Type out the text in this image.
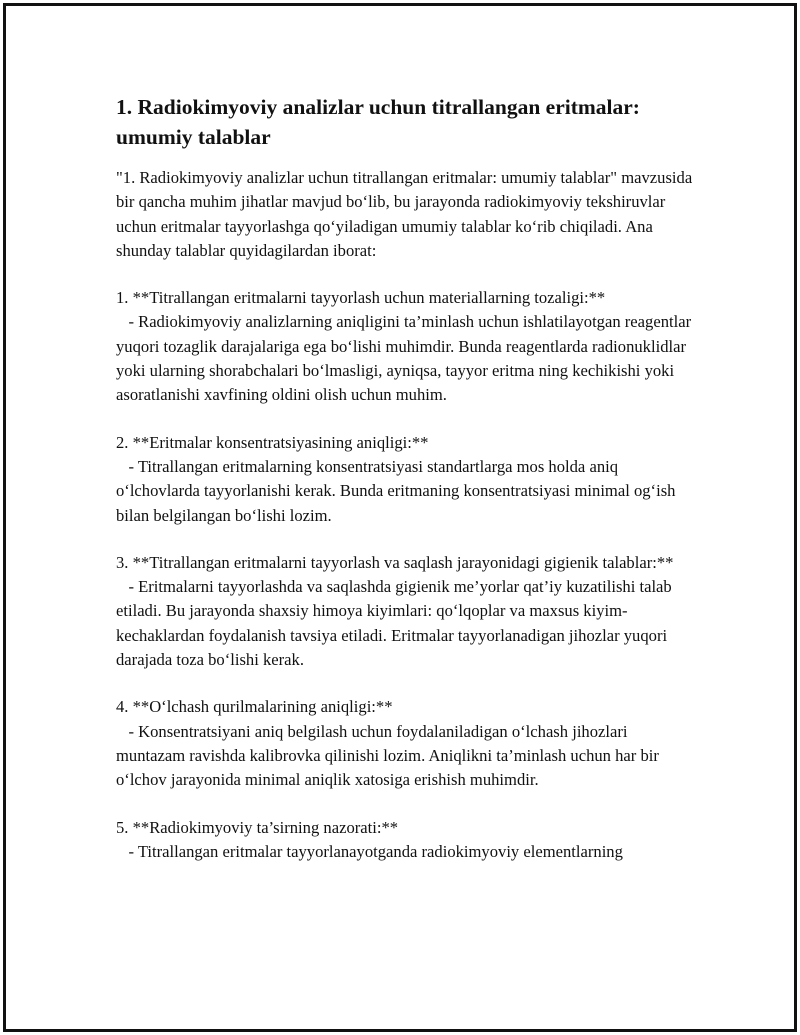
1. Radiokimyoviy analizlar uchun titrallangan eritmalar: umumiy talablar

"1. Radiokimyoviy analizlar uchun titrallangan eritmalar: umumiy talablar" mavzusida bir qancha muhim jihatlar mavjud bo‘lib, bu jarayonda radiokimyoviy tekshiruvlar uchun eritmalar tayyorlashga qo‘yiladigan umumiy talablar ko‘rib chiqiladi. Ana shunday talablar quyidagilardan iborat:

1. **Titrallangan eritmalarni tayyorlash uchun materiallarning tozaligi:**
- Radiokimyoviy analizlarning aniqligini ta’minlash uchun ishlatilayotgan reagentlar yuqori tozaglik darajalariga ega bo‘lishi muhimdir. Bunda reagentlarda radionuklidlar yoki ularning shorabchalari bo‘lmasligi, ayniqsa, tayyor eritma ning kechikishi yoki asoratlanishi xavfining oldini olish uchun muhim.
2. **Eritmalar konsentratsiyasining aniqligi:**
- Titrallangan eritmalarning konsentratsiyasi standartlarga mos holda aniq o‘lchovlarda tayyorlanishi kerak. Bunda eritmaning konsentratsiyasi minimal og‘ish bilan belgilangan bo‘lishi lozim.
3. **Titrallangan eritmalarni tayyorlash va saqlash jarayonidagi gigienik talablar:**
- Eritmalarni tayyorlashda va saqlashda gigienik me’yorlar qat’iy kuzatilishi talab etiladi. Bu jarayonda shaxsiy himoya kiyimlari: qo‘lqoplar va maxsus kiyim-kechaklardan foydalanish tavsiya etiladi. Eritmalar tayyorlanadigan jihozlar yuqori darajada toza bo‘lishi kerak.
4. **O‘lchash qurilmalarining aniqligi:**
- Konsentratsiyani aniq belgilash uchun foydalaniladigan o‘lchash jihozlari muntazam ravishda kalibrovka qilinishi lozim. Aniqlikni ta’minlash uchun har bir o‘lchov jarayonida minimal aniqlik xatosiga erishish muhimdir.
5. **Radiokimyoviy ta’sirning nazorati:**
- Titrallangan eritmalar tayyorlanayotganda radiokimyoviy elementlarning
